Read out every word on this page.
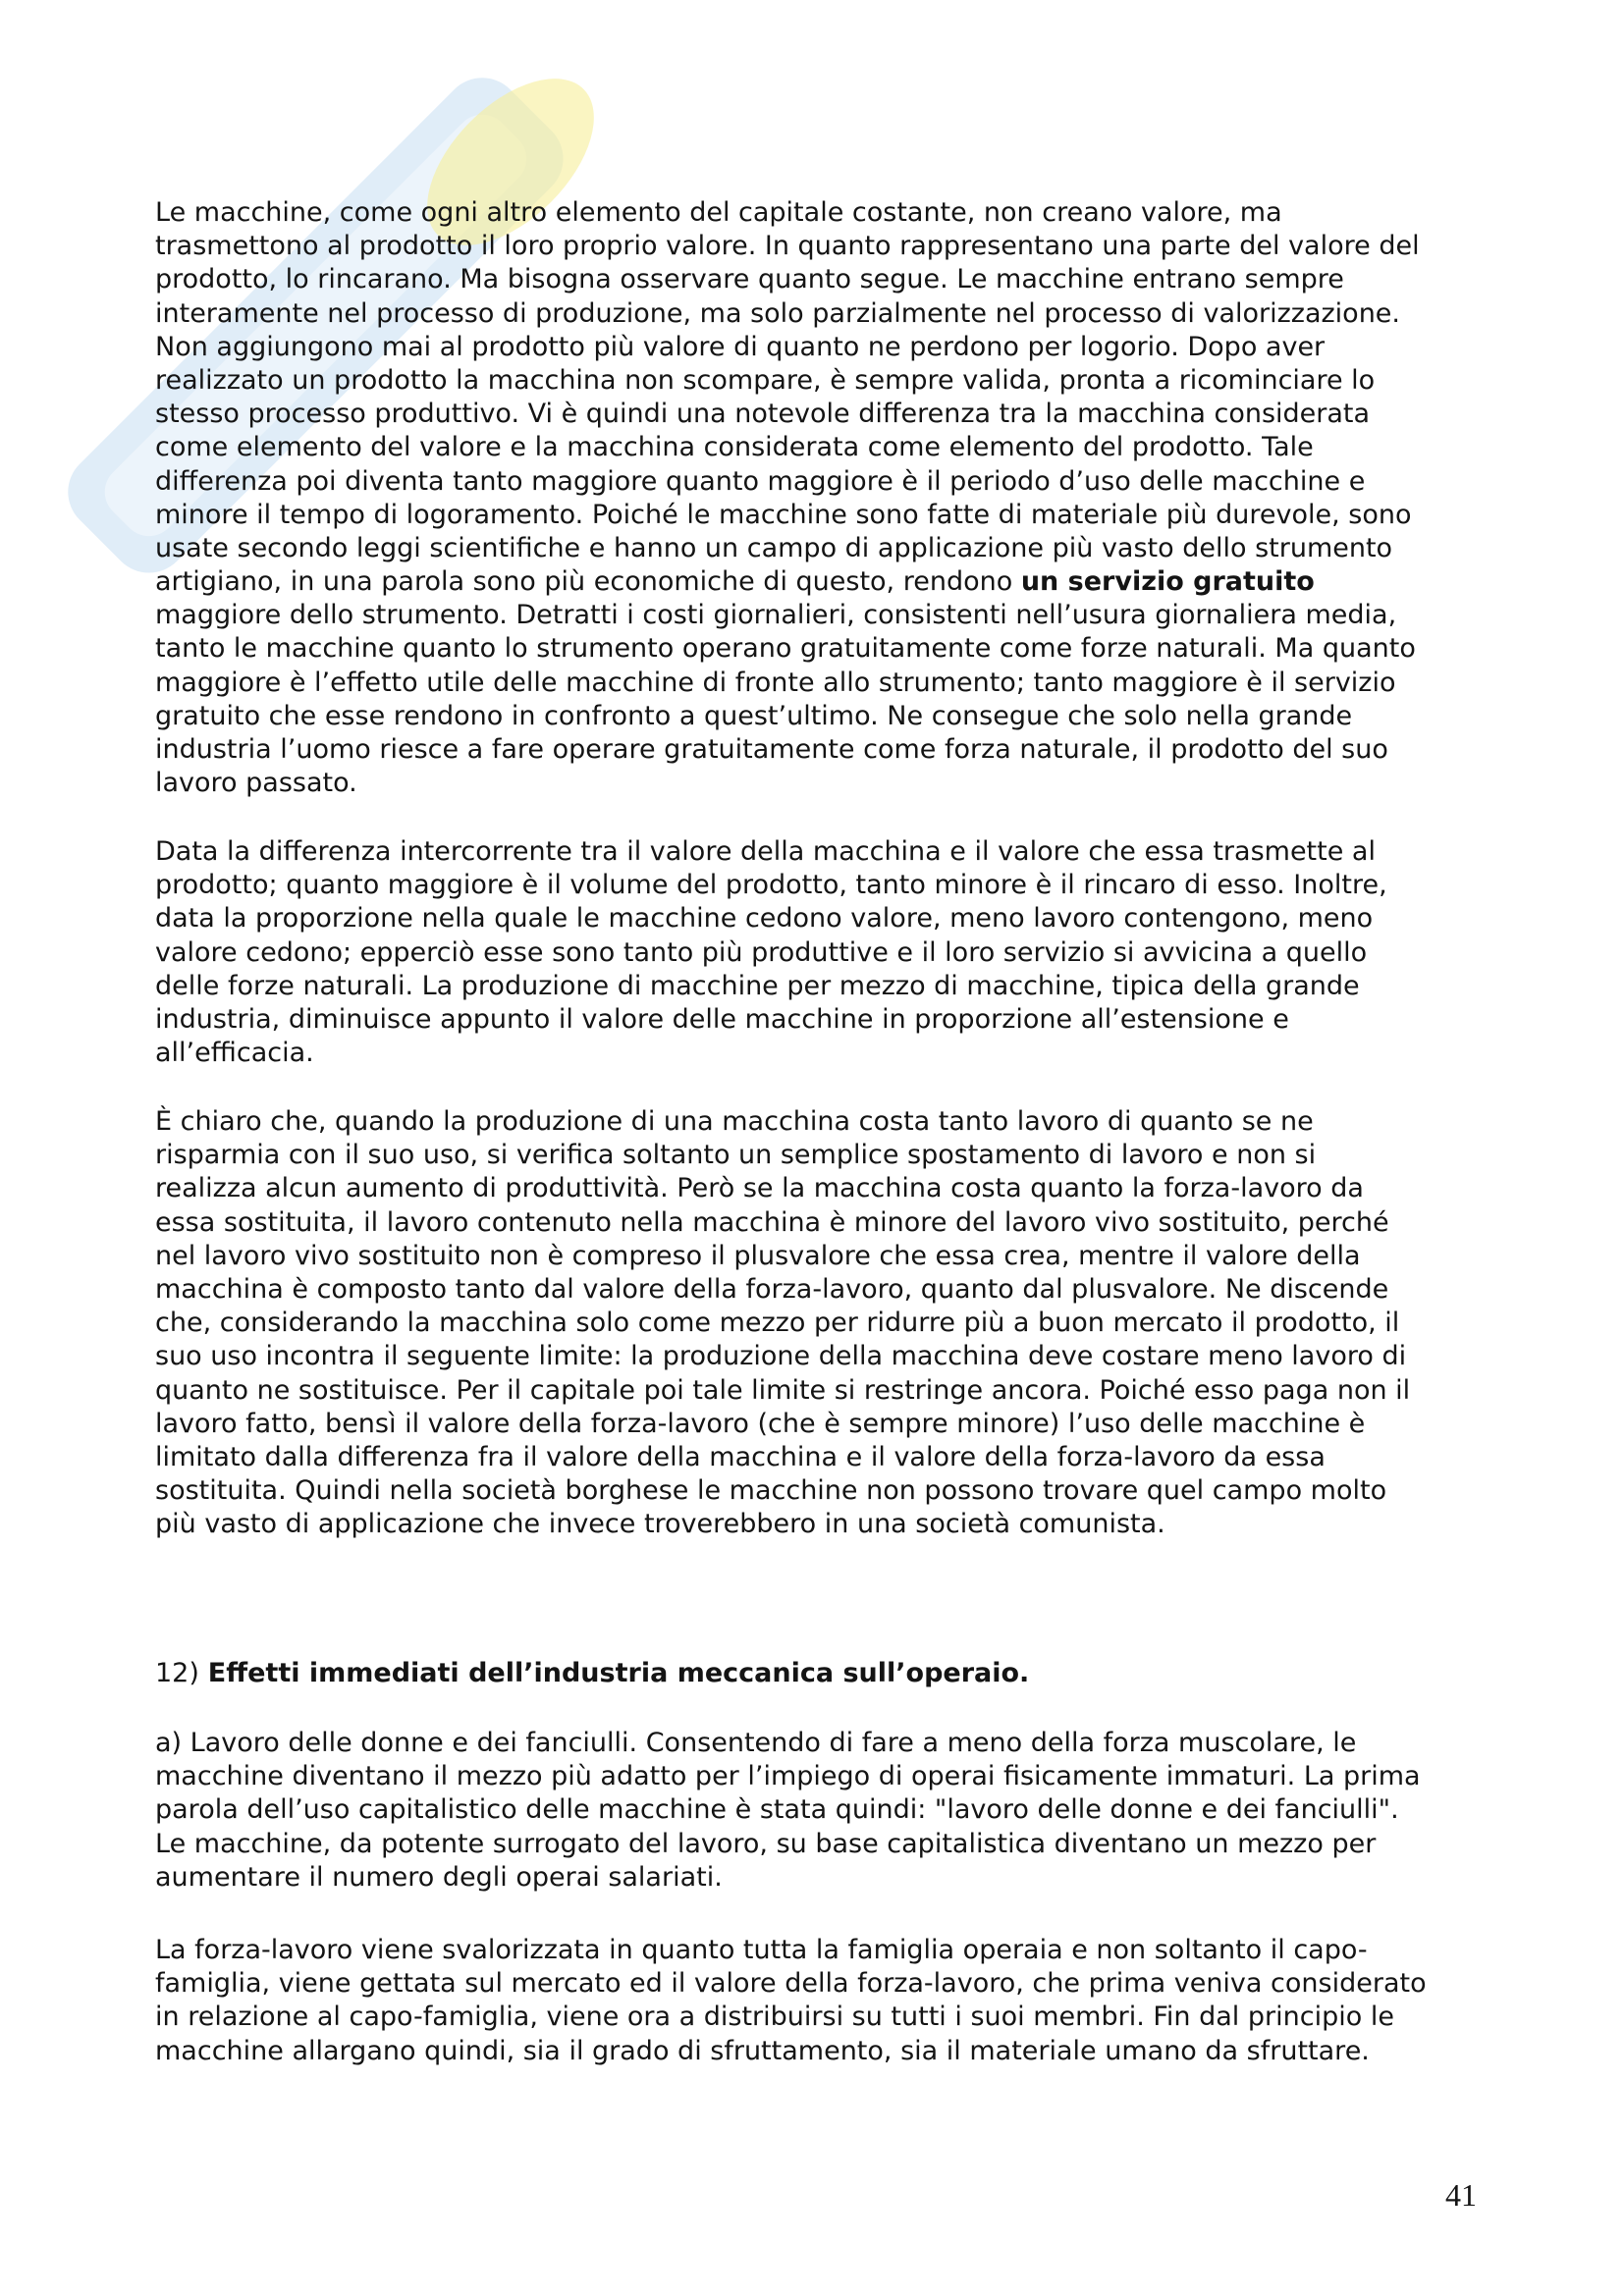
Le macchine, come ogni altro elemento del capitale costante, non creano valore, ma
trasmettono al prodotto il loro proprio valore. In quanto rappresentano una parte del valore del
prodotto, lo rincarano. Ma bisogna osservare quanto segue. Le macchine entrano sempre
interamente nel processo di produzione, ma solo parzialmente nel processo di valorizzazione.
Non aggiungono mai al prodotto più valore di quanto ne perdono per logorio. Dopo aver
realizzato un prodotto la macchina non scompare, è sempre valida, pronta a ricominciare lo
stesso processo produttivo. Vi è quindi una notevole differenza tra la macchina considerata
come elemento del valore e la macchina considerata come elemento del prodotto. Tale
differenza poi diventa tanto maggiore quanto maggiore è il periodo d’uso delle macchine e
minore il tempo di logoramento. Poiché le macchine sono fatte di materiale più durevole, sono
usate secondo leggi scientifiche e hanno un campo di applicazione più vasto dello strumento
artigiano, in una parola sono più economiche di questo, rendono un servizio gratuito
maggiore dello strumento. Detratti i costi giornalieri, consistenti nell’usura giornaliera media,
tanto le macchine quanto lo strumento operano gratuitamente come forze naturali. Ma quanto
maggiore è l’effetto utile delle macchine di fronte allo strumento; tanto maggiore è il servizio
gratuito che esse rendono in confronto a quest’ultimo. Ne consegue che solo nella grande
industria l’uomo riesce a fare operare gratuitamente come forza naturale, il prodotto del suo
lavoro passato.
Data la differenza intercorrente tra il valore della macchina e il valore che essa trasmette al
prodotto; quanto maggiore è il volume del prodotto, tanto minore è il rincaro di esso. Inoltre,
data la proporzione nella quale le macchine cedono valore, meno lavoro contengono, meno
valore cedono; epperciò esse sono tanto più produttive e il loro servizio si avvicina a quello
delle forze naturali. La produzione di macchine per mezzo di macchine, tipica della grande
industria, diminuisce appunto il valore delle macchine in proporzione all’estensione e
all’efficacia.
È chiaro che, quando la produzione di una macchina costa tanto lavoro di quanto se ne
risparmia con il suo uso, si verifica soltanto un semplice spostamento di lavoro e non si
realizza alcun aumento di produttività. Però se la macchina costa quanto la forza-lavoro da
essa sostituita, il lavoro contenuto nella macchina è minore del lavoro vivo sostituito, perché
nel lavoro vivo sostituito non è compreso il plusvalore che essa crea, mentre il valore della
macchina è composto tanto dal valore della forza-lavoro, quanto dal plusvalore. Ne discende
che, considerando la macchina solo come mezzo per ridurre più a buon mercato il prodotto, il
suo uso incontra il seguente limite: la produzione della macchina deve costare meno lavoro di
quanto ne sostituisce. Per il capitale poi tale limite si restringe ancora. Poiché esso paga non il
lavoro fatto, bensì il valore della forza-lavoro (che è sempre minore) l’uso delle macchine è
limitato dalla differenza fra il valore della macchina e il valore della forza-lavoro da essa
sostituita. Quindi nella società borghese le macchine non possono trovare quel campo molto
più vasto di applicazione che invece troverebbero in una società comunista.
12) Effetti immediati dell’industria meccanica sull’operaio.
a) Lavoro delle donne e dei fanciulli. Consentendo di fare a meno della forza muscolare, le
macchine diventano il mezzo più adatto per l’impiego di operai fisicamente immaturi. La prima
parola dell’uso capitalistico delle macchine è stata quindi: "lavoro delle donne e dei fanciulli".
Le macchine, da potente surrogato del lavoro, su base capitalistica diventano un mezzo per
aumentare il numero degli operai salariati.
La forza-lavoro viene svalorizzata in quanto tutta la famiglia operaia e non soltanto il capo-
famiglia, viene gettata sul mercato ed il valore della forza-lavoro, che prima veniva considerato
in relazione al capo-famiglia, viene ora a distribuirsi su tutti i suoi membri. Fin dal principio le
macchine allargano quindi, sia il grado di sfruttamento, sia il materiale umano da sfruttare.
41
